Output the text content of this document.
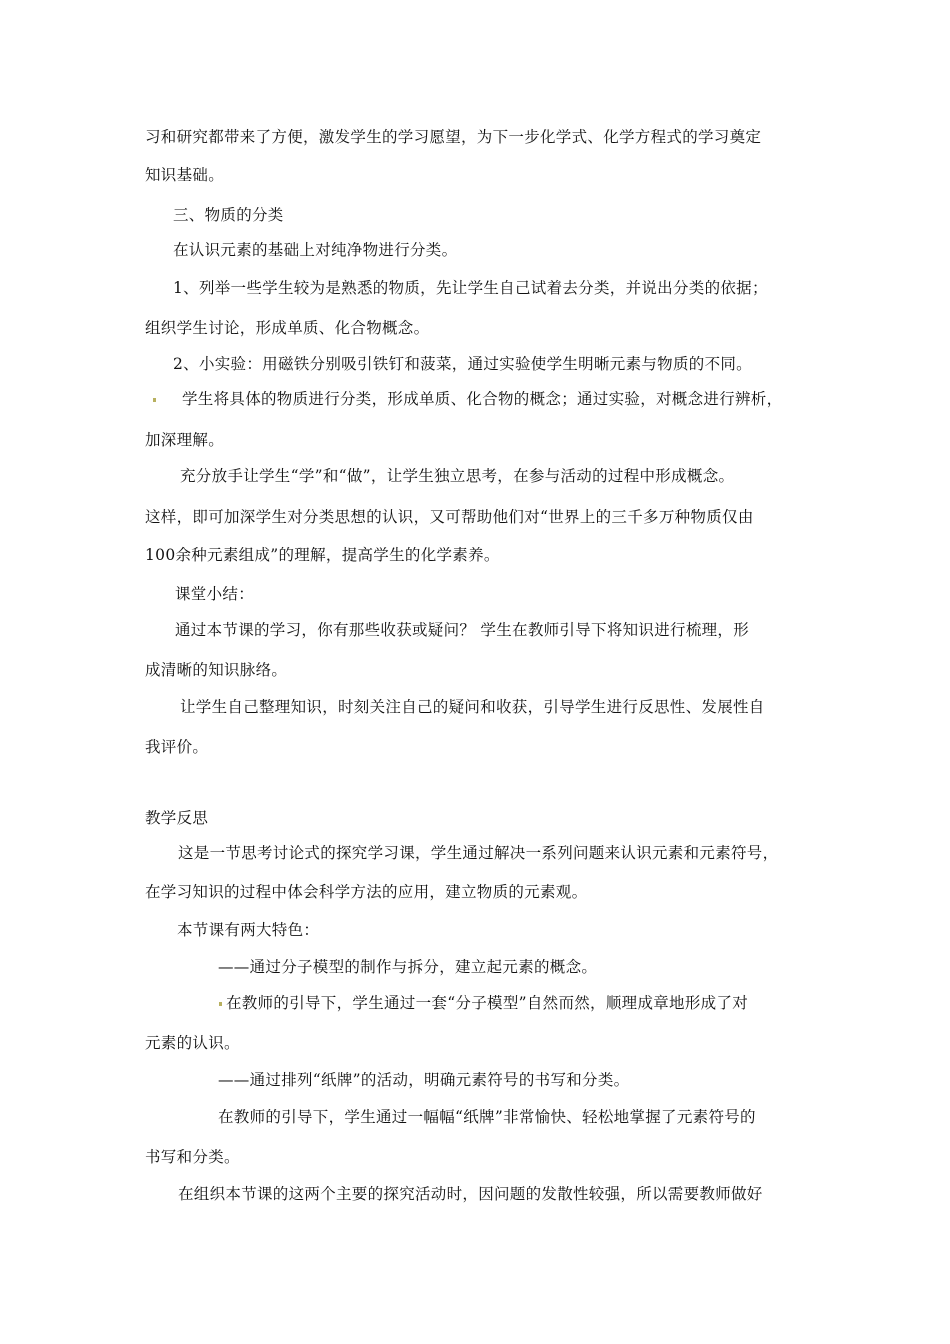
习和研究都带来了方便，激发学生的学习愿望，为下一步化学式、化学方程式的学习奠定
知识基础。
三、物质的分类
在认识元素的基础上对纯净物进行分类。
1、列举一些学生较为是熟悉的物质，先让学生自己试着去分类，并说出分类的依据；
组织学生讨论，形成单质、化合物概念。
2、小实验：用磁铁分别吸引铁钉和菠菜，通过实验使学生明晰元素与物质的不同。
学生将具体的物质进行分类，形成单质、化合物的概念；通过实验，对概念进行辨析，
加深理解。
充分放手让学生“学”和“做”，让学生独立思考，在参与活动的过程中形成概念。
这样，即可加深学生对分类思想的认识，又可帮助他们对“世界上的三千多万种物质仅由
100余种元素组成”的理解，提高学生的化学素养。
课堂小结：
通过本节课的学习，你有那些收获或疑问？ 学生在教师引导下将知识进行梳理，形
成清晰的知识脉络。
让学生自己整理知识，时刻关注自己的疑问和收获，引导学生进行反思性、发展性自
我评价。
教学反思
这是一节思考讨论式的探究学习课，学生通过解决一系列问题来认识元素和元素符号，
在学习知识的过程中体会科学方法的应用，建立物质的元素观。
本节课有两大特色：
——通过分子模型的制作与拆分，建立起元素的概念。
在教师的引导下，学生通过一套“分子模型”自然而然，顺理成章地形成了对
元素的认识。
——通过排列“纸牌”的活动，明确元素符号的书写和分类。
在教师的引导下，学生通过一幅幅“纸牌”非常愉快、轻松地掌握了元素符号的
书写和分类。
在组织本节课的这两个主要的探究活动时，因问题的发散性较强，所以需要教师做好
